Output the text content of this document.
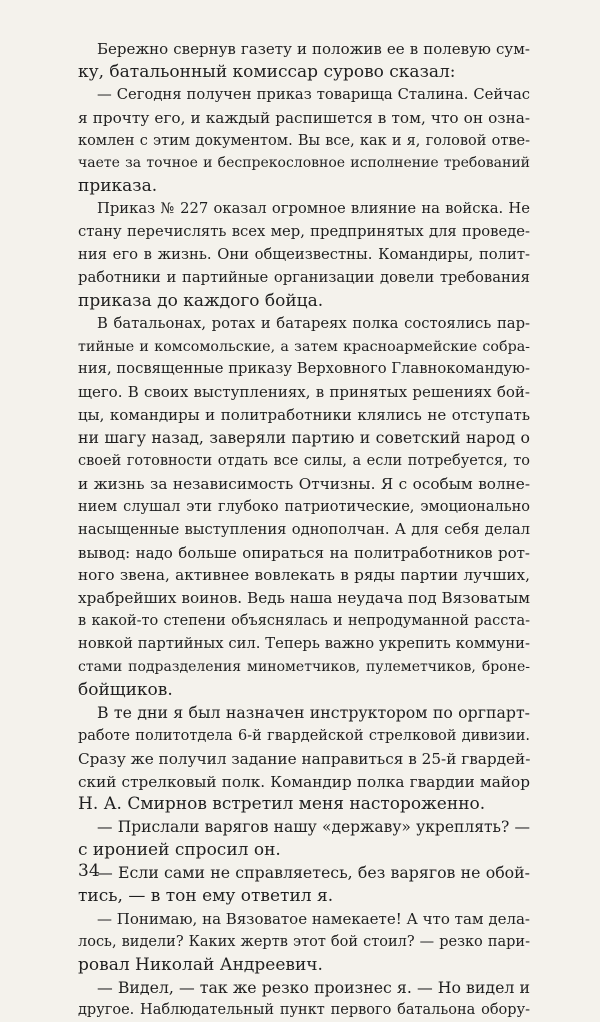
Бережно свернув газету и положив ее в полевую сум-
ку, батальонный комиссар сурово сказал:
— Сегодня получен приказ товарища Сталина. Сейчас
я прочту его, и каждый распишется в том, что он озна-
комлен с этим документом. Вы все, как и я, головой отве-
чаете за точное и беспрекословное исполнение требований
приказа.
Приказ № 227 оказал огромное влияние на войска. Не
стану перечислять всех мер, предпринятых для проведе-
ния его в жизнь. Они общеизвестны. Командиры, полит-
работники и партийные организации довели требования
приказа до каждого бойца.
В батальонах, ротах и батареях полка состоялись пар-
тийные и комсомольские, а затем красноармейские собра-
ния, посвященные приказу Верховного Главнокомандую-
щего. В своих выступлениях, в принятых решениях бой-
цы, командиры и политработники клялись не отступать
ни шагу назад, заверяли партию и советский народ о
своей готовности отдать все силы, а если потребуется, то
и жизнь за независимость Отчизны. Я с особым волне-
нием слушал эти глубоко патриотические, эмоционально
насыщенные выступления однополчан. А для себя делал
вывод: надо больше опираться на политработников рот-
ного звена, активнее вовлекать в ряды партии лучших,
храбрейших воинов. Ведь наша неудача под Вязоватым
в какой-то степени объяснялась и непродуманной расста-
новкой партийных сил. Теперь важно укрепить коммуни-
стами подразделения минометчиков, пулеметчиков, броне-
бойщиков.
В те дни я был назначен инструктором по оргпарт-
работе политотдела 6-й гвардейской стрелковой дивизии.
Сразу же получил задание направиться в 25-й гвардей-
ский стрелковый полк. Командир полка гвардии майор
Н. А. Смирнов встретил меня настороженно.
— Прислали варягов нашу «державу» укреплять? —
с иронией спросил он.
— Если сами не справляетесь, без варягов не обой-
тись, — в тон ему ответил я.
— Понимаю, на Вязоватое намекаете! А что там дела-
лось, видели? Каких жертв этот бой стоил? — резко пари-
ровал Николай Андреевич.
— Видел, — так же резко произнес я. — Но видел и
другое. Наблюдательный пункт первого батальона обору-
34
